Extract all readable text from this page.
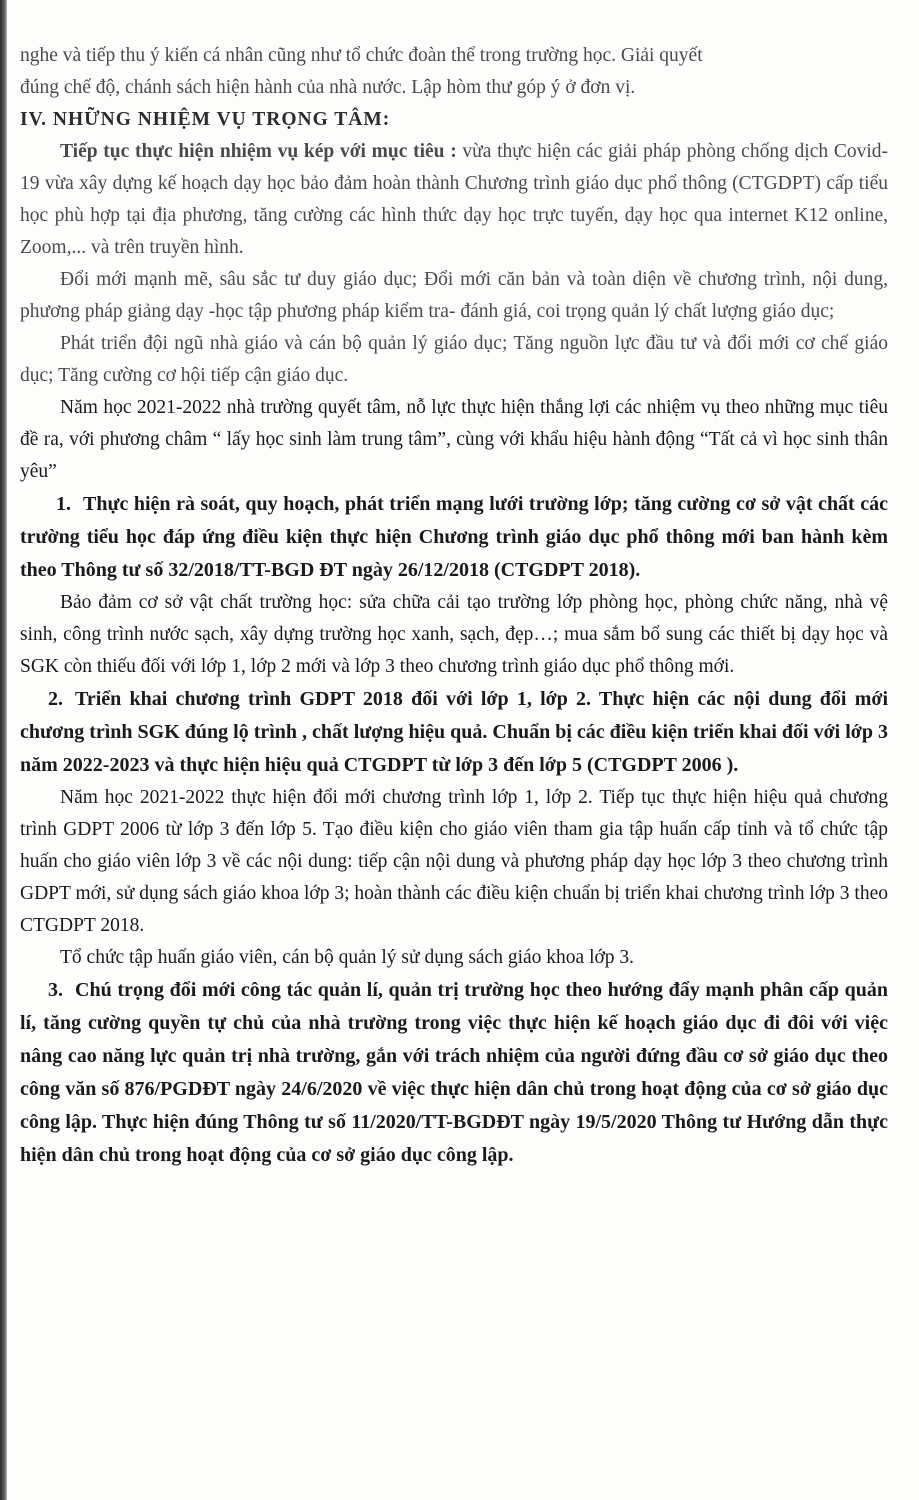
nghe và tiếp thu ý kiến cá nhân cũng như tổ chức đoàn thể trong trường học. Giải quyết

đúng chế độ, chánh sách hiện hành của nhà nước. Lập hòm thư góp ý ở đơn vị.

IV. NHỮNG NHIỆM VỤ TRỌNG TÂM:

Tiếp tục thực hiện nhiệm vụ kép với mục tiêu : vừa thực hiện các giải pháp phòng chống dịch Covid-19 vừa xây dựng kế hoạch dạy học bảo đảm hoàn thành Chương trình giáo dục phổ thông (CTGDPT) cấp tiểu học phù hợp tại địa phương, tăng cường các hình thức dạy học trực tuyến, dạy học qua internet K12 online, Zoom,... và trên truyền hình.

Đổi mới mạnh mẽ, sâu sắc tư duy giáo dục; Đổi mới căn bản và toàn diện về chương trình, nội dung, phương pháp giảng dạy -học tập phương pháp kiểm tra- đánh giá, coi trọng quản lý chất lượng giáo dục;

Phát triển đội ngũ nhà giáo và cán bộ quản lý giáo dục; Tăng nguồn lực đầu tư và đổi mới cơ chế giáo dục; Tăng cường cơ hội tiếp cận giáo dục.

Năm học 2021-2022 nhà trường quyết tâm, nỗ lực thực hiện thắng lợi các nhiệm vụ theo những mục tiêu đề ra, với phương châm “ lấy học sinh làm trung tâm”, cùng với khẩu hiệu hành động “Tất cả vì học sinh thân yêu”

1. Thực hiện rà soát, quy hoạch, phát triển mạng lưới trường lớp; tăng cường cơ sở vật chất các trường tiểu học đáp ứng điều kiện thực hiện Chương trình giáo dục phổ thông mới ban hành kèm theo Thông tư số 32/2018/TT-BGD ĐT ngày 26/12/2018 (CTGDPT 2018).

Bảo đảm cơ sở vật chất trường học: sửa chữa cải tạo trường lớp phòng học, phòng chức năng, nhà vệ sinh, công trình nước sạch, xây dựng trường học xanh, sạch, đẹp…; mua sắm bổ sung các thiết bị dạy học và SGK còn thiếu đối với lớp 1, lớp 2 mới và lớp 3 theo chương trình giáo dục phổ thông mới.

2. Triển khai chương trình GDPT 2018 đối với lớp 1, lớp 2. Thực hiện các nội dung đổi mới chương trình SGK đúng lộ trình , chất lượng hiệu quả. Chuẩn bị các điều kiện triển khai đối với lớp 3 năm 2022-2023 và thực hiện hiệu quả CTGDPT từ lớp 3 đến lớp 5 (CTGDPT 2006 ).

Năm học 2021-2022 thực hiện đổi mới chương trình lớp 1, lớp 2. Tiếp tục thực hiện hiệu quả chương trình GDPT 2006 từ lớp 3 đến lớp 5. Tạo điều kiện cho giáo viên tham gia tập huấn cấp tỉnh và tổ chức tập huấn cho giáo viên lớp 3 về các nội dung: tiếp cận nội dung và phương pháp dạy học lớp 3 theo chương trình GDPT mới, sử dụng sách giáo khoa lớp 3; hoàn thành các điều kiện chuẩn bị triển khai chương trình lớp 3 theo CTGDPT 2018.

Tổ chức tập huấn giáo viên, cán bộ quản lý sử dụng sách giáo khoa lớp 3.

3. Chú trọng đổi mới công tác quản lí, quản trị trường học theo hướng đẩy mạnh phân cấp quản lí, tăng cường quyền tự chủ của nhà trường trong việc thực hiện kế hoạch giáo dục đi đôi với việc nâng cao năng lực quản trị nhà trường, gắn với trách nhiệm của người đứng đầu cơ sở giáo dục theo công văn số 876/PGDĐT ngày 24/6/2020 về việc thực hiện dân chủ trong hoạt động của cơ sở giáo dục công lập. Thực hiện đúng Thông tư số 11/2020/TT-BGDĐT ngày 19/5/2020 Thông tư Hướng dẫn thực hiện dân chủ trong hoạt động của cơ sở giáo dục công lập.
